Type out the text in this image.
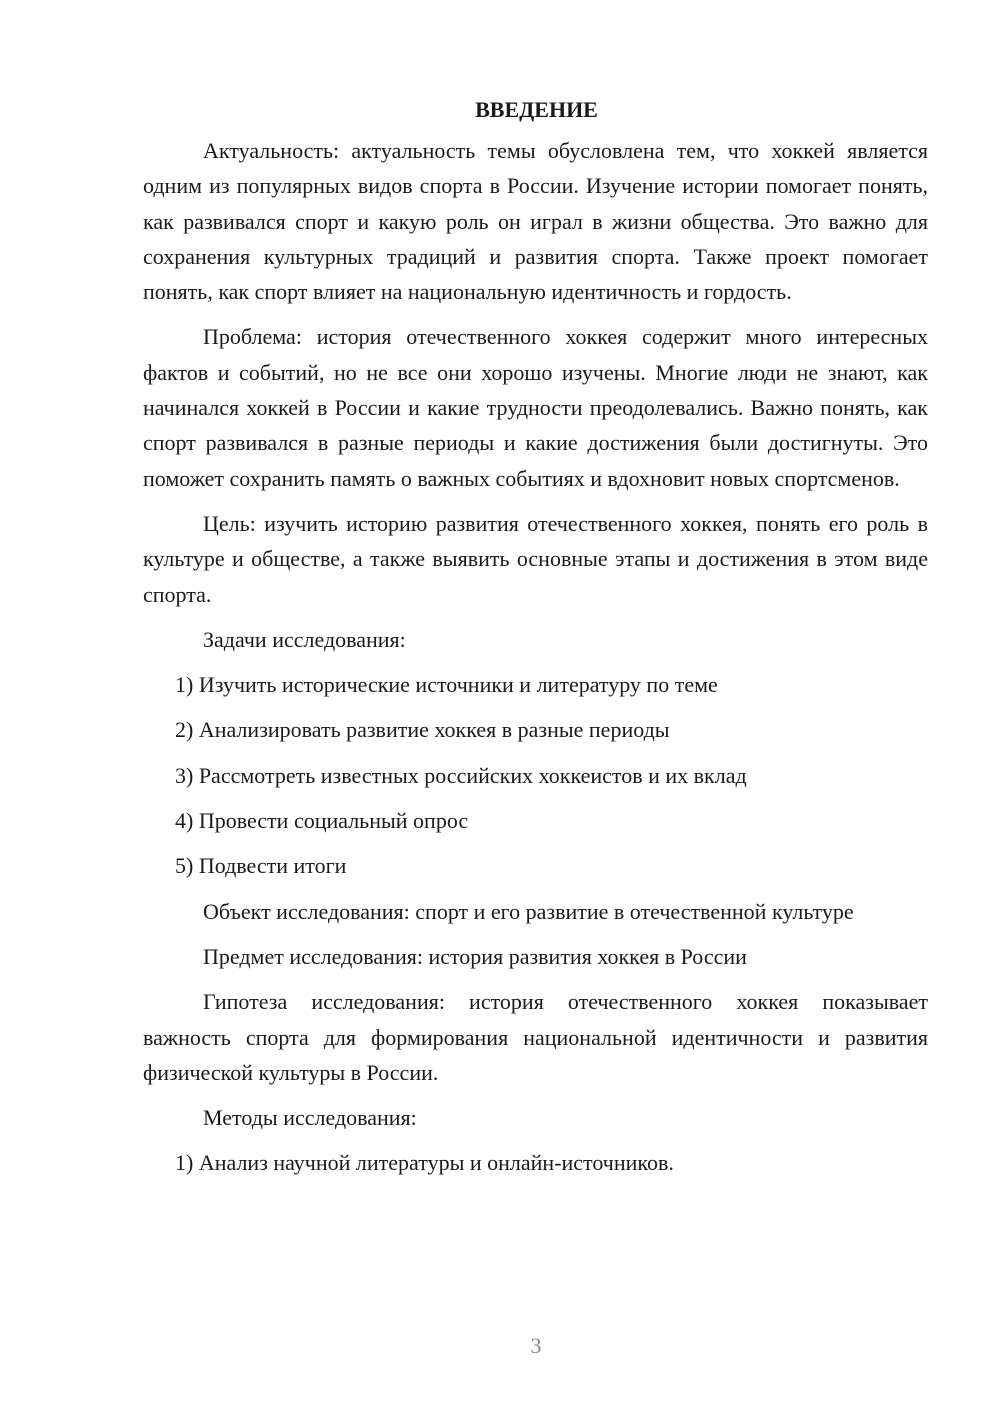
ВВЕДЕНИЕ

Актуальность: актуальность темы обусловлена тем, что хоккей является одним из популярных видов спорта в России. Изучение истории помогает понять, как развивался спорт и какую роль он играл в жизни общества. Это важно для сохранения культурных традиций и развития спорта. Также проект помогает понять, как спорт влияет на национальную идентичность и гордость.

Проблема: история отечественного хоккея содержит много интересных фактов и событий, но не все они хорошо изучены. Многие люди не знают, как начинался хоккей в России и какие трудности преодолевались. Важно понять, как спорт развивался в разные периоды и какие достижения были достигнуты. Это поможет сохранить память о важных событиях и вдохновит новых спортсменов.

Цель: изучить историю развития отечественного хоккея, понять его роль в культуре и обществе, а также выявить основные этапы и достижения в этом виде спорта.

Задачи исследования:

1) Изучить исторические источники и литературу по теме

2) Анализировать развитие хоккея в разные периоды

3) Рассмотреть известных российских хоккеистов и их вклад

4) Провести социальный опрос

5) Подвести итоги

Объект исследования: спорт и его развитие в отечественной культуре

Предмет исследования: история развития хоккея в России

Гипотеза исследования: история отечественного хоккея показывает важность спорта для формирования национальной идентичности и развития физической культуры в России.

Методы исследования:

1) Анализ научной литературы и онлайн-источников.

3
